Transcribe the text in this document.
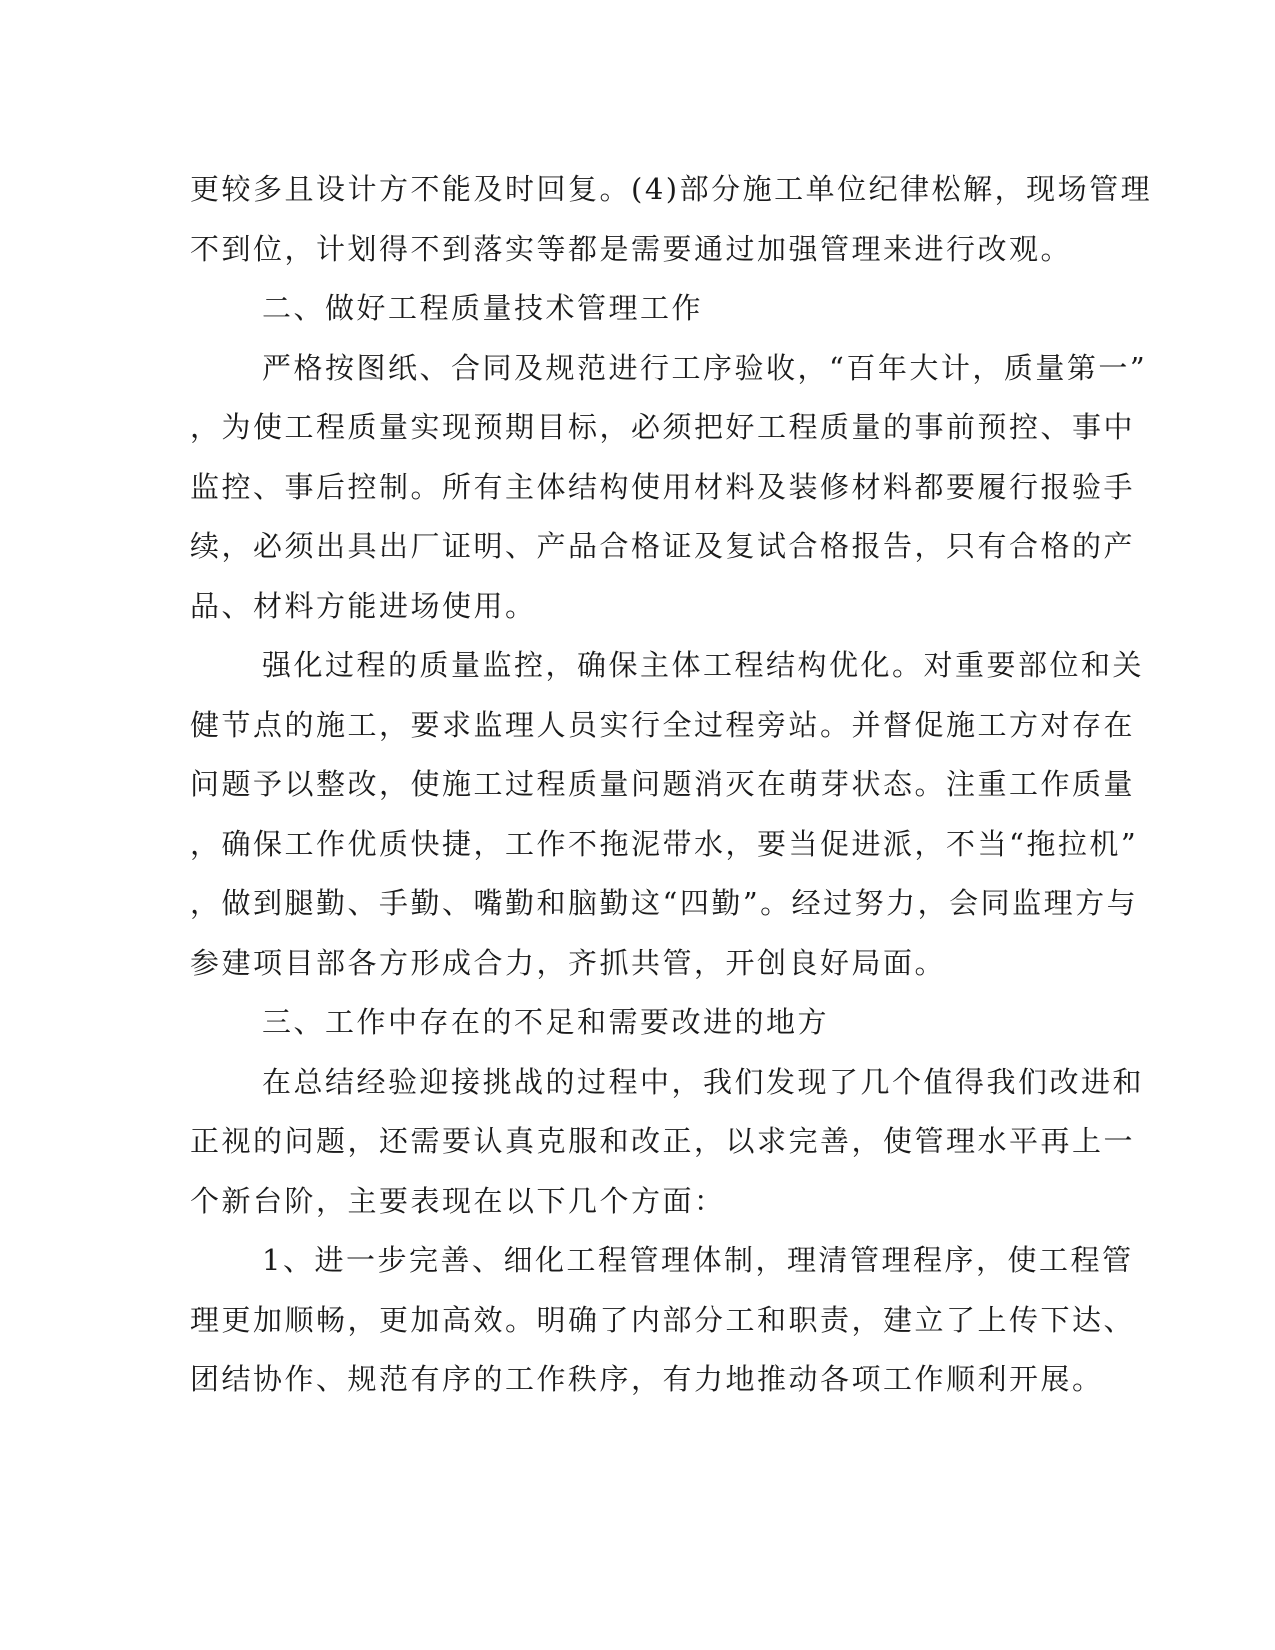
更较多且设计方不能及时回复。(4)部分施工单位纪律松解，现场管理
不到位，计划得不到落实等都是需要通过加强管理来进行改观。
二、做好工程质量技术管理工作
严格按图纸、合同及规范进行工序验收，“百年大计，质量第一”
，为使工程质量实现预期目标，必须把好工程质量的事前预控、事中
监控、事后控制。所有主体结构使用材料及装修材料都要履行报验手
续，必须出具出厂证明、产品合格证及复试合格报告，只有合格的产
品、材料方能进场使用。
强化过程的质量监控，确保主体工程结构优化。对重要部位和关
健节点的施工，要求监理人员实行全过程旁站。并督促施工方对存在
问题予以整改，使施工过程质量问题消灭在萌芽状态。注重工作质量
，确保工作优质快捷，工作不拖泥带水，要当促进派，不当“拖拉机”
，做到腿勤、手勤、嘴勤和脑勤这“四勤”。经过努力，会同监理方与
参建项目部各方形成合力，齐抓共管，开创良好局面。
三、工作中存在的不足和需要改进的地方
在总结经验迎接挑战的过程中，我们发现了几个值得我们改进和
正视的问题，还需要认真克服和改正，以求完善，使管理水平再上一
个新台阶，主要表现在以下几个方面：
1、进一步完善、细化工程管理体制，理清管理程序，使工程管
理更加顺畅，更加高效。明确了内部分工和职责，建立了上传下达、
团结协作、规范有序的工作秩序，有力地推动各项工作顺利开展。
